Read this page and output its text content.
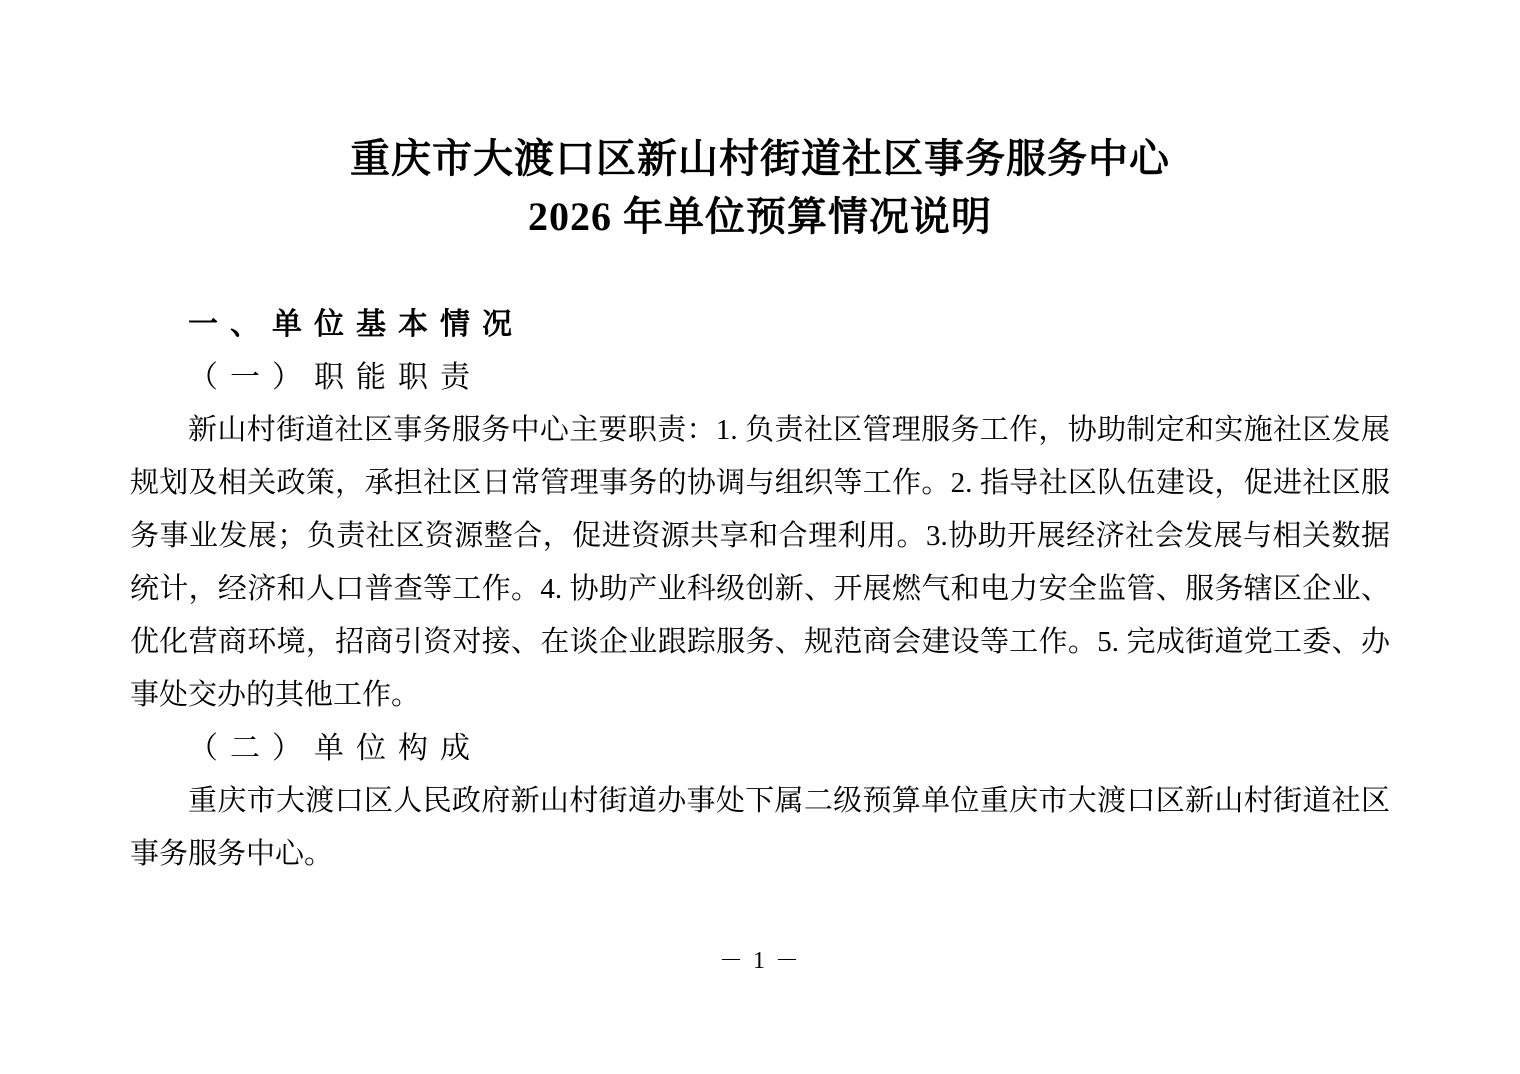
重庆市大渡口区新山村街道社区事务服务中心
2026 年单位预算情况说明
一、单位基本情况
（一）职能职责

新山村街道社区事务服务中心主要职责：1. 负责社区管理服务工作，协助制定和实施社区发展规划及相关政策，承担社区日常管理事务的协调与组织等工作。2. 指导社区队伍建设，促进社区服务事业发展；负责社区资源整合，促进资源共享和合理利用。3.协助开展经济社会发展与相关数据统计，经济和人口普查等工作。4. 协助产业科级创新、开展燃气和电力安全监管、服务辖区企业、优化营商环境，招商引资对接、在谈企业跟踪服务、规范商会建设等工作。5. 完成街道党工委、办事处交办的其他工作。

（二）单位构成

重庆市大渡口区人民政府新山村街道办事处下属二级预算单位重庆市大渡口区新山村街道社区事务服务中心。

－ 1 －
